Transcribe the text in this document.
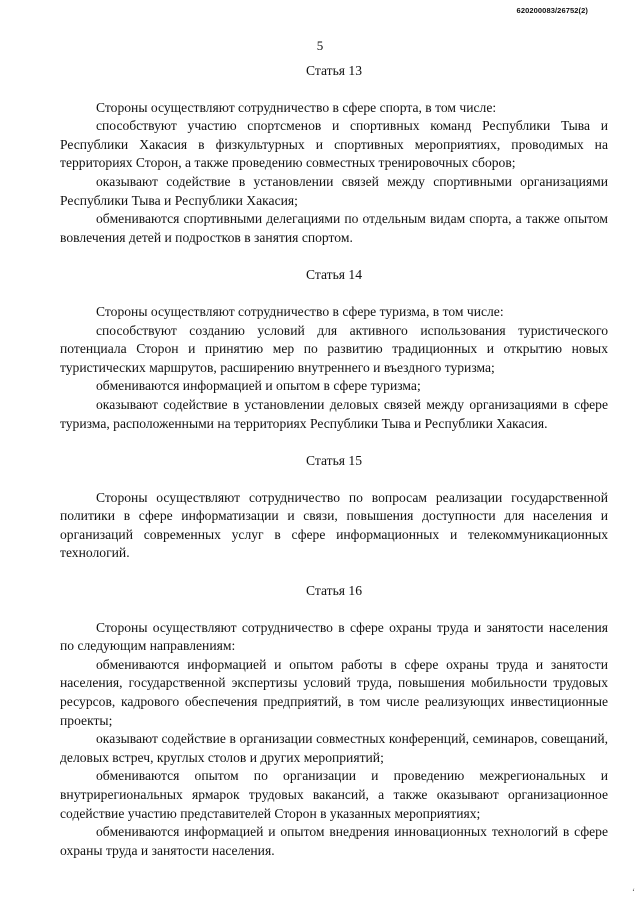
620200083/26752(2)
5

Статья 13

Стороны осуществляют сотрудничество в сфере спорта, в том числе:

способствуют участию спортсменов и спортивных команд Республики Тыва и Республики Хакасия в физкультурных и спортивных мероприятиях, проводимых на территориях Сторон, а также проведению совместных тренировочных сборов;

оказывают содействие в установлении связей между спортивными организациями Республики Тыва и Республики Хакасия;

обмениваются спортивными делегациями по отдельным видам спорта, а также опытом вовлечения детей и подростков в занятия спортом.

Статья 14

Стороны осуществляют сотрудничество в сфере туризма, в том числе:

способствуют созданию условий для активного использования туристического потенциала Сторон и принятию мер по развитию традиционных и открытию новых туристических маршрутов, расширению внутреннего и въездного туризма;

обмениваются информацией и опытом в сфере туризма;

оказывают содействие в установлении деловых связей между организациями в сфере туризма, расположенными на территориях Республики Тыва и Республики Хакасия.

Статья 15

Стороны осуществляют сотрудничество по вопросам реализации государственной политики в сфере информатизации и связи, повышения доступности для населения и организаций современных услуг в сфере информационных и телекоммуникационных технологий.

Статья 16

Стороны осуществляют сотрудничество в сфере охраны труда и занятости населения по следующим направлениям:

обмениваются информацией и опытом работы в сфере охраны труда и занятости населения, государственной экспертизы условий труда, повышения мобильности трудовых ресурсов, кадрового обеспечения предприятий, в том числе реализующих инвестиционные проекты;

оказывают содействие в организации совместных конференций, семинаров, совещаний, деловых встреч, круглых столов и других мероприятий;

обмениваются опытом по организации и проведению межрегиональных и внутрирегиональных ярмарок трудовых вакансий, а также оказывают организационное содействие участию представителей Сторон в указанных мероприятиях;

обмениваются информацией и опытом внедрения инновационных технологий в сфере охраны труда и занятости населения.

ʻ
